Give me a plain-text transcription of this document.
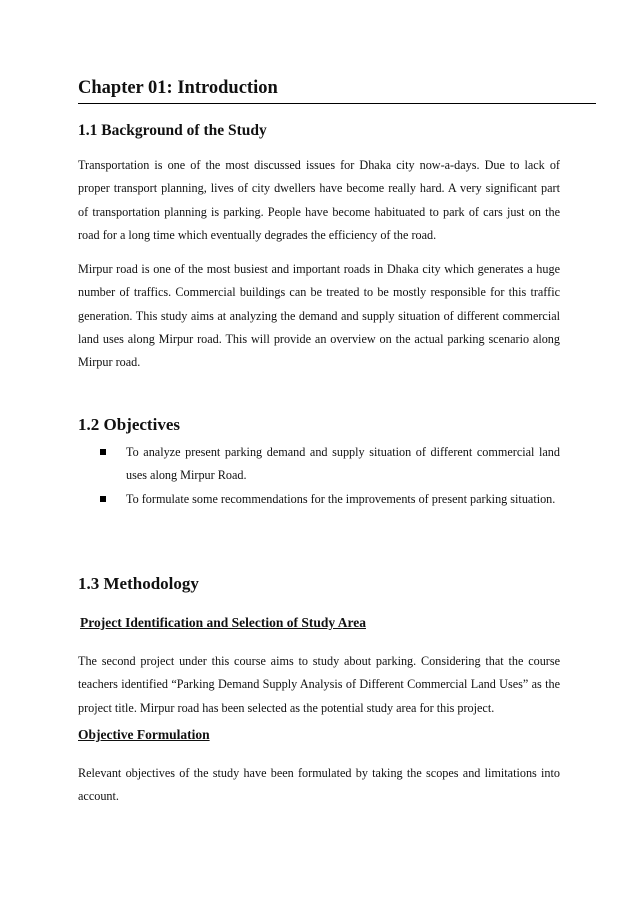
Chapter 01: Introduction
1.1 Background of the Study

Transportation is one of the most discussed issues for Dhaka city now-a-days. Due to lack of proper transport planning, lives of city dwellers have become really hard. A very significant part of transportation planning is parking. People have become habituated to park of cars just on the road for a long time which eventually degrades the efficiency of the road.

Mirpur road is one of the most busiest and important roads in Dhaka city which generates a huge number of traffics. Commercial buildings can be treated to be mostly responsible for this traffic generation. This study aims at analyzing the demand and supply situation of different commercial land uses along Mirpur road. This will provide an overview on the actual parking scenario along Mirpur road.

1.2 Objectives
To analyze present parking demand and supply situation of different commercial land uses along Mirpur Road.
To formulate some recommendations for the improvements of present parking situation.
1.3 Methodology
Project Identification and Selection of Study Area

The second project under this course aims to study about parking. Considering that the course teachers identified “Parking Demand Supply Analysis of Different Commercial Land Uses” as the project title. Mirpur road has been selected as the potential study area for this project.

Objective Formulation

Relevant objectives of the study have been formulated by taking the scopes and limitations into account.
